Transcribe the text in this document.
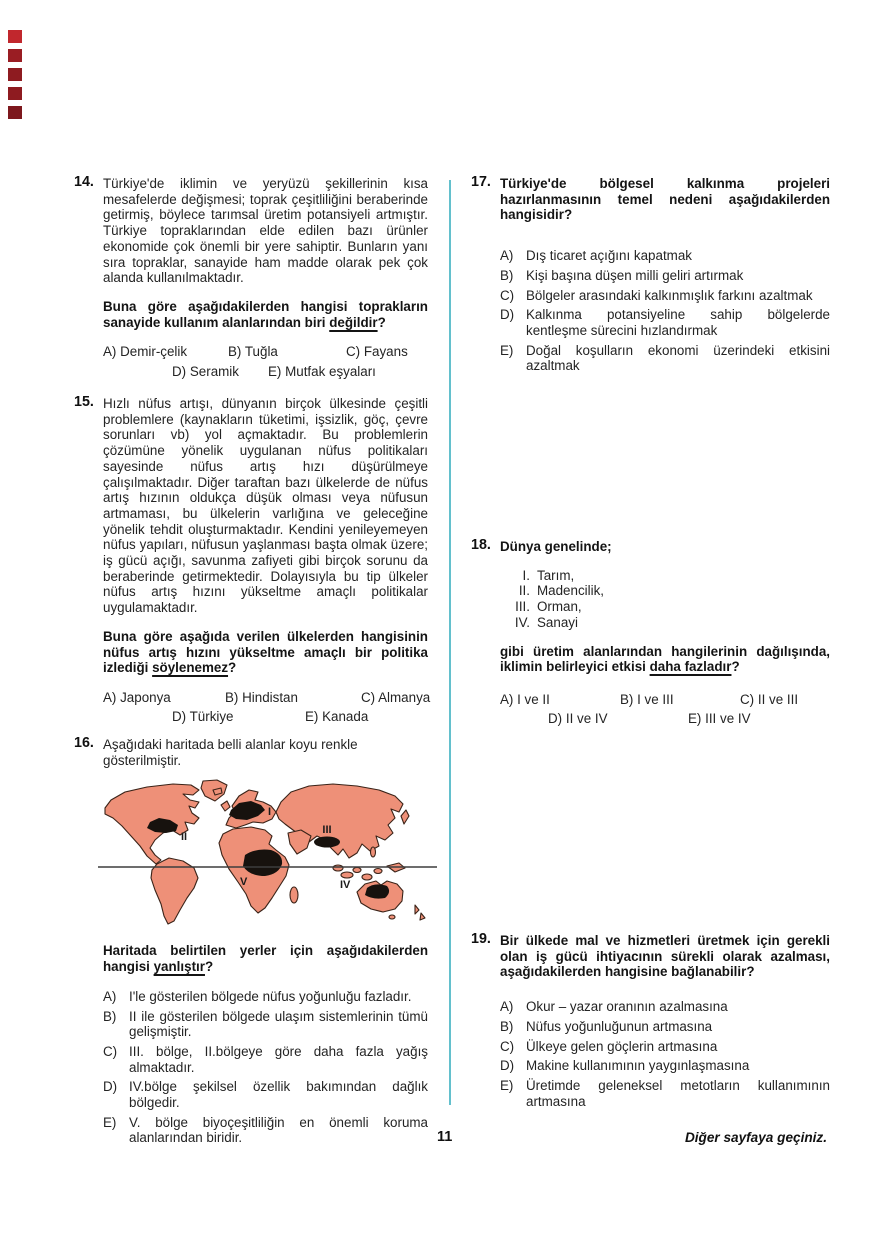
14. Türkiye'de iklimin ve yeryüzü şekillerinin kısa mesafelerde değişmesi; toprak çeşitliliğini beraberinde getirmiş, böylece tarımsal üretim potansiyeli artmıştır. Türkiye topraklarından elde edilen bazı ürünler ekonomide çok önemli bir yere sahiptir. Bunların yanı sıra topraklar, sanayide ham madde olarak pek çok alanda kullanılmaktadır.
Buna göre aşağıdakilerden hangisi toprakların sanayide kullanım alanlarından biri değildir?
A) Demir-çelik	B) Tuğla	C) Fayans
D) Seramik E) Mutfak eşyaları
15. Hızlı nüfus artışı, dünyanın birçok ülkesinde çeşitli problemlere (kaynakların tüketimi, işsizlik, göç, çevre sorunları vb) yol açmaktadır. Bu problemlerin çözümüne yönelik uygulanan nüfus politikaları sayesinde nüfus artış hızı düşürülmeye çalışılmaktadır. Diğer taraftan bazı ülkelerde de nüfus artış hızının oldukça düşük olması veya nüfusun artmaması, bu ülkelerin varlığına ve geleceğine yönelik tehdit oluşturmaktadır. Kendini yenileyemeyen nüfus yapıları, nüfusun yaşlanması başta olmak üzere; iş gücü açığı, savunma zafiyeti gibi birçok sorunu da beraberinde getirmektedir. Dolayısıyla bu tip ülkeler nüfus artış hızını yükseltme amaçlı politikalar uygulamaktadır.
Buna göre aşağıda verilen ülkelerden hangisinin nüfus artış hızını yükseltme amaçlı bir politika izlediği söylenemez?
A) Japonya	B) Hindistan	C) Almanya
D) Türkiye	E) Kanada
16. Aşağıdaki haritada belli alanlar koyu renkle gösterilmiştir.
I
II
III
IV
V
Haritada belirtilen yerler için aşağıdakilerden hangisi yanlıştır?
A) I'le gösterilen bölgede nüfus yoğunluğu fazladır.
B) II ile gösterilen bölgede ulaşım sistemlerinin tümü gelişmiştir.
C) III. bölge, II.bölgeye göre daha fazla yağış almaktadır.
D) IV.bölge şekilsel özellik bakımından dağlık bölgedir.
E) V. bölge biyoçeşitliliğin en önemli koruma alanlarından biridir.
17. Türkiye'de bölgesel kalkınma projeleri hazırlanmasının temel nedeni aşağıdakilerden hangisidir?
A) Dış ticaret açığını kapatmak
B) Kişi başına düşen milli geliri artırmak
C) Bölgeler arasındaki kalkınmışlık farkını azaltmak
D) Kalkınma potansiyeline sahip bölgelerde kentleşme sürecini hızlandırmak
E) Doğal koşulların ekonomi üzerindeki etkisini azaltmak
18. Dünya genelinde;
I. Tarım,
II. Madencilik,
III. Orman,
IV. Sanayi
gibi üretim alanlarından hangilerinin dağılışında, iklimin belirleyici etkisi daha fazladır?
A) I ve II	B) I ve III	C) II ve III
D) II ve IV	E) III ve IV
19. Bir ülkede mal ve hizmetleri üretmek için gerekli olan iş gücü ihtiyacının sürekli olarak azalması, aşağıdakilerden hangisine bağlanabilir?
A) Okur – yazar oranının azalmasına
B) Nüfus yoğunluğunun artmasına
C) Ülkeye gelen göçlerin artmasına
D) Makine kullanımının yaygınlaşmasına
E) Üretimde geleneksel metotların kullanımının artmasına
11	Diğer sayfaya geçiniz.
